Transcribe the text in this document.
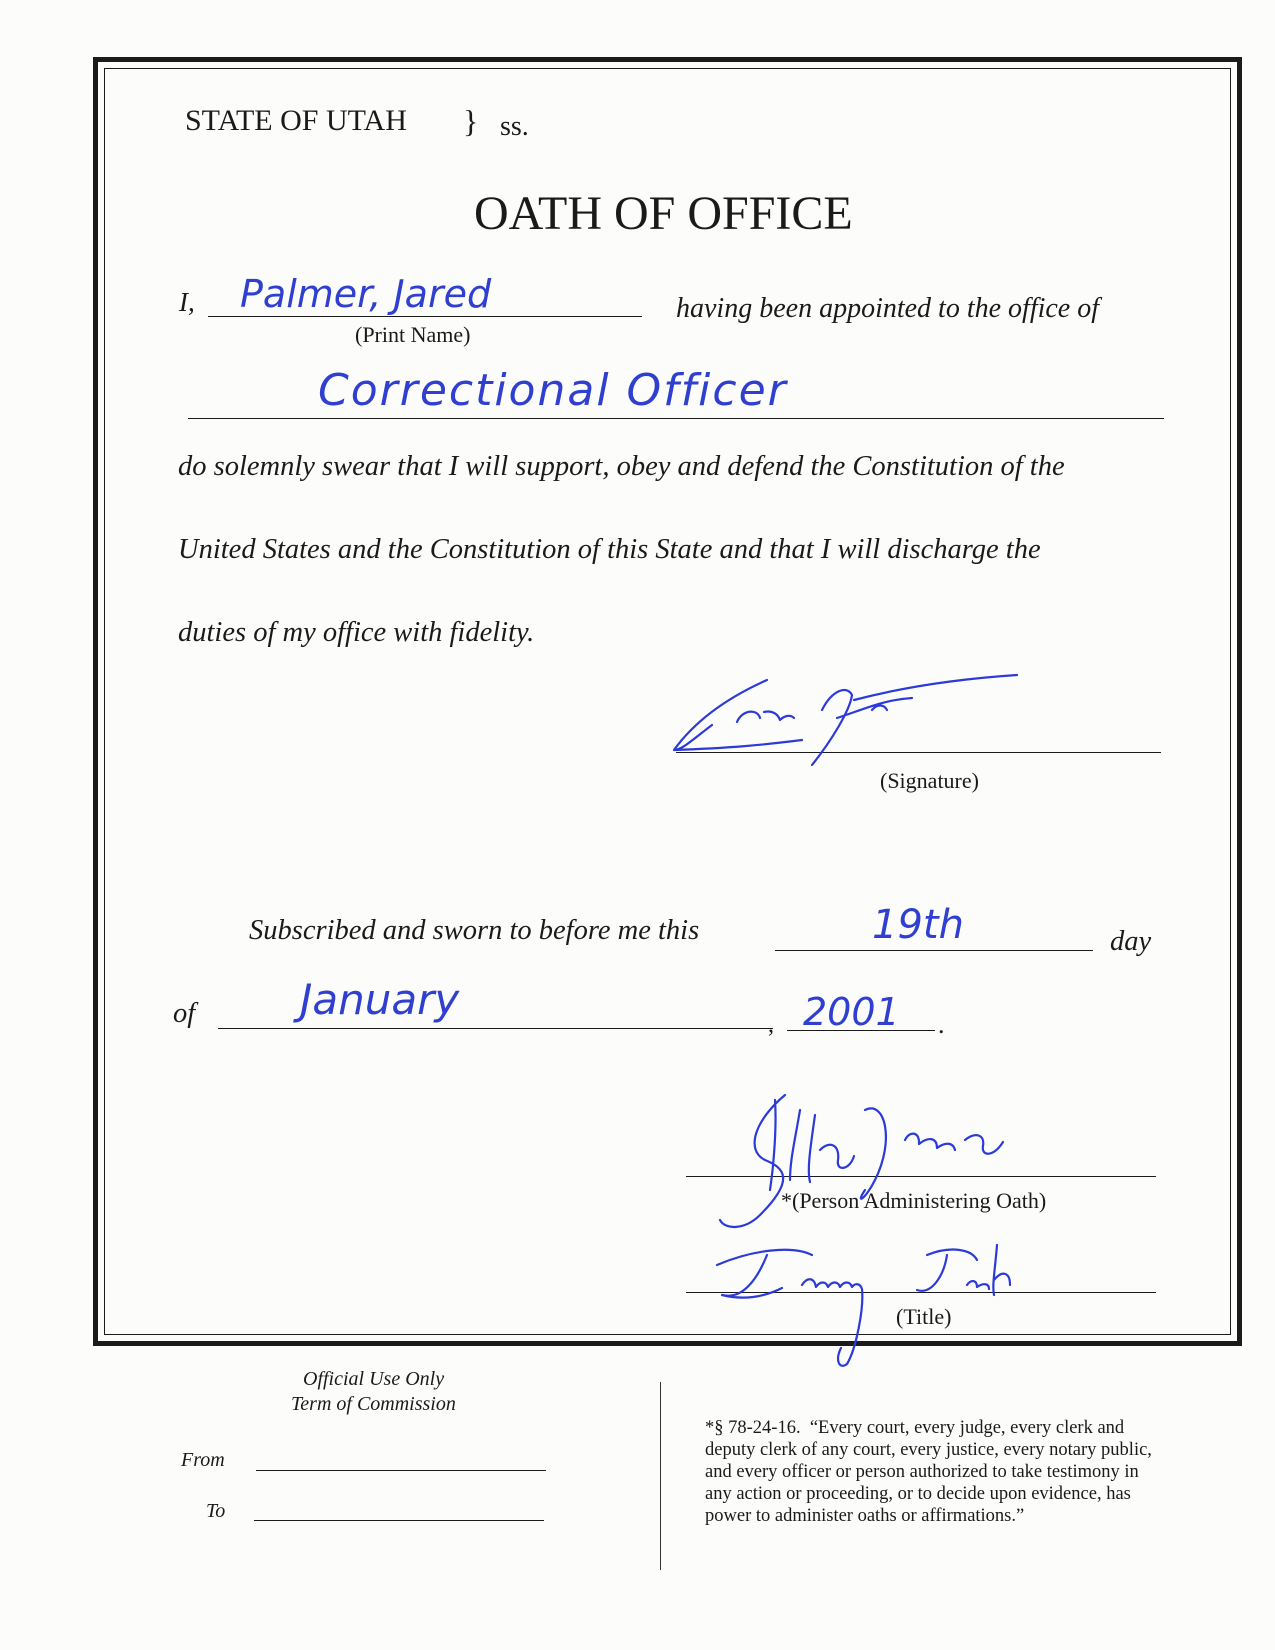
STATE OF UTAH } ss.
OATH OF OFFICE
I, Palmer, Jared
(Print Name)
having been appointed to the office of
Correctional Officer
do solemnly swear that I will support, obey and defend the Constitution of the
United States and the Constitution of this State and that I will discharge the
duties of my office with fidelity.
(Signature)
Subscribed and sworn to before me this	19th	day
of January
, 2001 .
*(Person Administering Oath)
(Title)
Official Use Only
Term of Commission
From
To
*§ 78-24-16.  “Every court, every judge, every clerk and
deputy clerk of any court, every justice, every notary public,
and every officer or person authorized to take testimony in
any action or proceeding, or to decide upon evidence, has
power to administer oaths or affirmations.”
